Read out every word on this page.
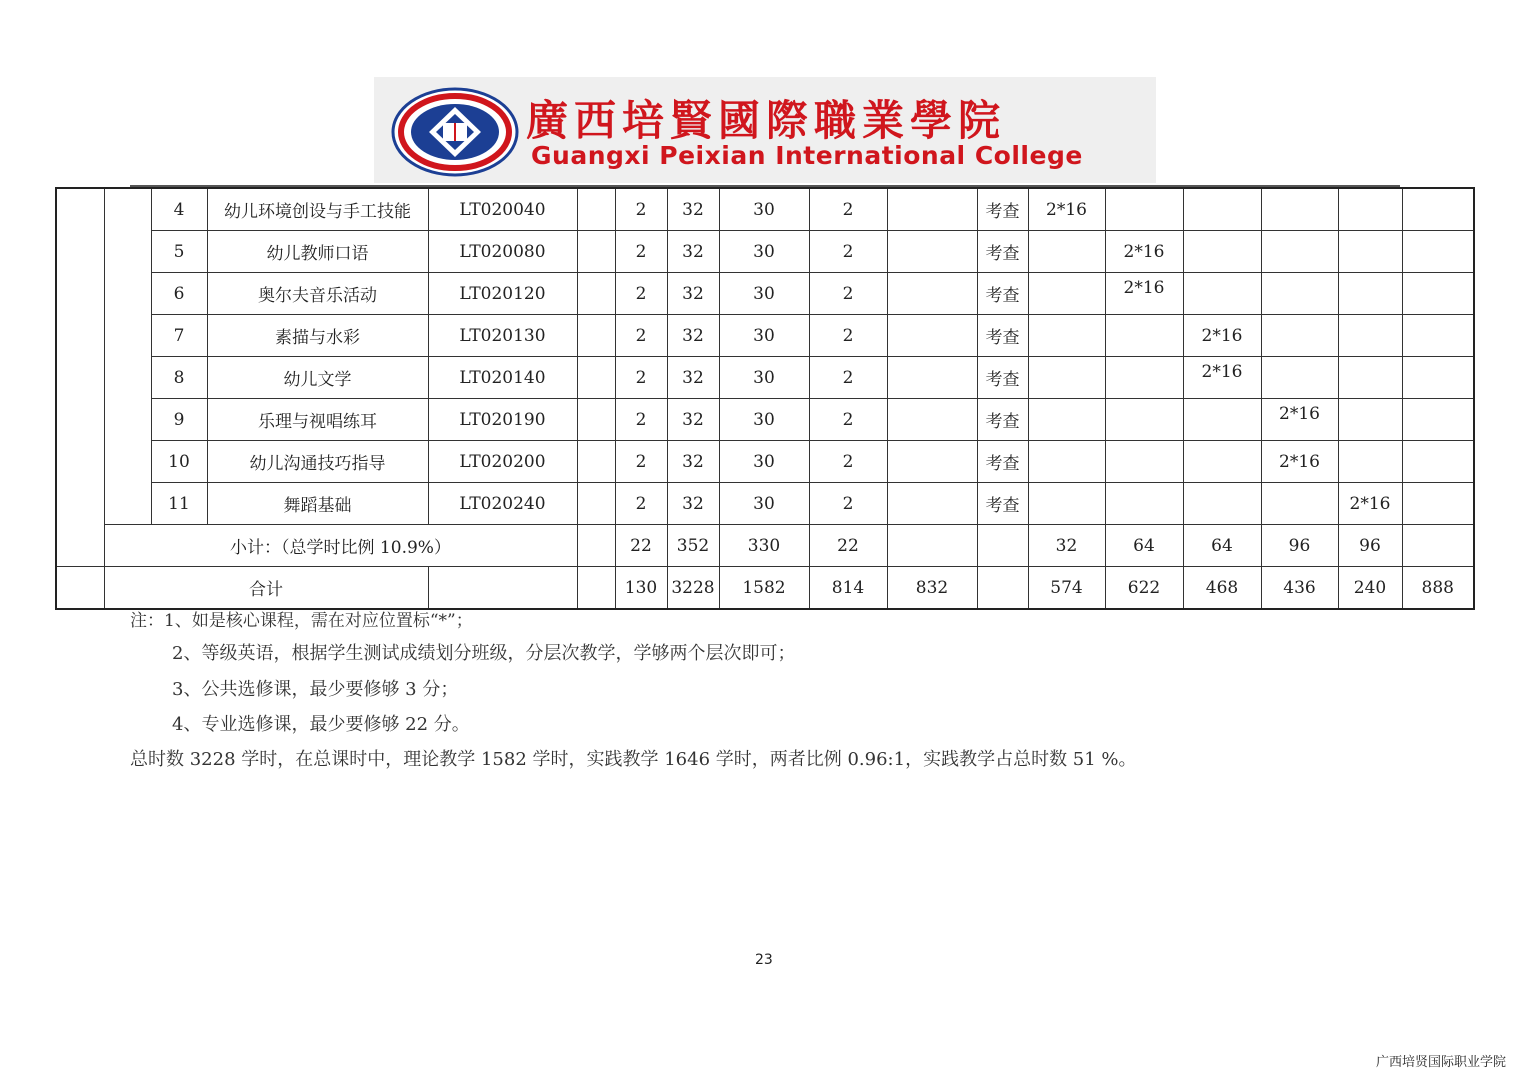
廣西培賢國際職業學院
Guangxi Peixian International College
		4	幼儿环境创设与手工技能	LT020040		2	32	30	2		考查	2*16					
		5	幼儿教师口语	LT020080		2	32	30	2		考查		2*16				
		6	奥尔夫音乐活动	LT020120		2	32	30	2		考查		2*16				
		7	素描与水彩	LT020130		2	32	30	2		考查			2*16			
		8	幼儿文学	LT020140		2	32	30	2		考查			2*16			
		9	乐理与视唱练耳	LT020190		2	32	30	2		考查				2*16		
		10	幼儿沟通技巧指导	LT020200		2	32	30	2		考查				2*16		
		11	舞蹈基础	LT020240		2	32	30	2		考查					2*16	
	小计：（总学时比例 10.9%）					22	352	330	22			32	64	64	96	96	
	合计					130	3228	1582	814	832		574	622	468	436	240	888
注：1、如是核心课程，需在对应位置标“*”；
2、等级英语，根据学生测试成绩划分班级，分层次教学，学够两个层次即可；
3、公共选修课，最少要修够 3 分；
4、专业选修课，最少要修够 22 分。
总时数 3228 学时，在总课时中，理论教学 1582 学时，实践教学 1646 学时，两者比例 0.96:1，实践教学占总时数 51 %。
23
广西培贤国际职业学院
